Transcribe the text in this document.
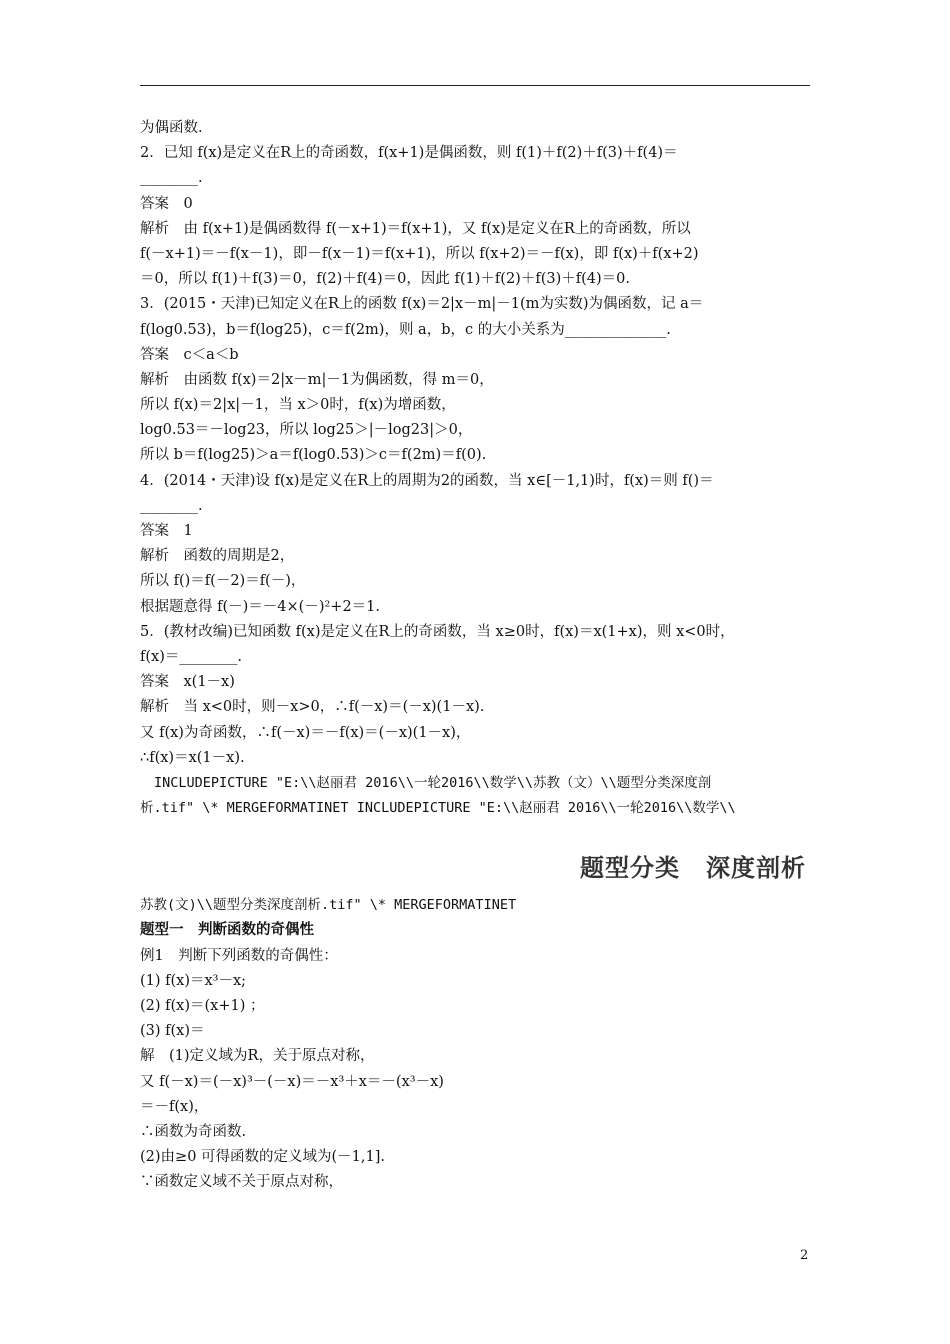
为偶函数.
2．已知 f(x)是定义在R上的奇函数，f(x+1)是偶函数，则 f(1)＋f(2)＋f(3)＋f(4)＝
________.
答案　0
解析　由 f(x+1)是偶函数得 f(－x+1)＝f(x+1)，又 f(x)是定义在R上的奇函数，所以
f(－x+1)＝－f(x－1)，即－f(x－1)＝f(x+1)，所以 f(x+2)＝－f(x)，即 f(x)＋f(x+2)
＝0，所以 f(1)＋f(3)＝0，f(2)＋f(4)＝0，因此 f(1)＋f(2)＋f(3)＋f(4)＝0.
3．(2015・天津)已知定义在R上的函数 f(x)＝2|x－m|－1(m为实数)为偶函数，记 a＝
f(log0.53)，b＝f(log25)，c＝f(2m)，则 a，b，c 的大小关系为______________.
答案　c＜a＜b
解析　由函数 f(x)＝2|x－m|－1为偶函数，得 m＝0，
所以 f(x)＝2|x|－1，当 x＞0时，f(x)为增函数，
log0.53＝－log23，所以 log25＞|－log23|＞0，
所以 b＝f(log25)＞a＝f(log0.53)＞c＝f(2m)＝f(0).
4．(2014・天津)设 f(x)是定义在R上的周期为2的函数，当 x∈[－1,1)时，f(x)＝则 f()＝
________.
答案　1
解析　函数的周期是2，
所以 f()＝f(－2)＝f(－)，
根据题意得 f(－)＝－4×(－)²+2＝1.
5．(教材改编)已知函数 f(x)是定义在R上的奇函数，当 x≥0时，f(x)＝x(1+x)，则 x<0时，
f(x)＝________.
答案　x(1－x)
解析　当 x<0时，则－x>0，∴f(－x)＝(－x)(1－x).
又 f(x)为奇函数，∴f(－x)＝－f(x)＝(－x)(1－x)，
∴f(x)＝x(1－x).
INCLUDEPICTURE "E:\\赵丽君 2016\\一轮2016\\数学\\苏教（文）\\题型分类深度剖
析.tif" \* MERGEFORMATINET INCLUDEPICTURE "E:\\赵丽君 2016\\一轮2016\\数学\\
题型分类 深度剖析
苏教(文)\\题型分类深度剖析.tif" \* MERGEFORMATINET
题型一　判断函数的奇偶性
例1　判断下列函数的奇偶性：
(1) f(x)＝x³－x;
(2) f(x)＝(x+1) ；
(3) f(x)＝
解　(1)定义域为R，关于原点对称，
又 f(－x)＝(－x)³－(－x)＝－x³＋x＝－(x³－x)
＝－f(x)，
∴函数为奇函数.
(2)由≥0 可得函数的定义域为(－1,1].
∵函数定义域不关于原点对称，
2
